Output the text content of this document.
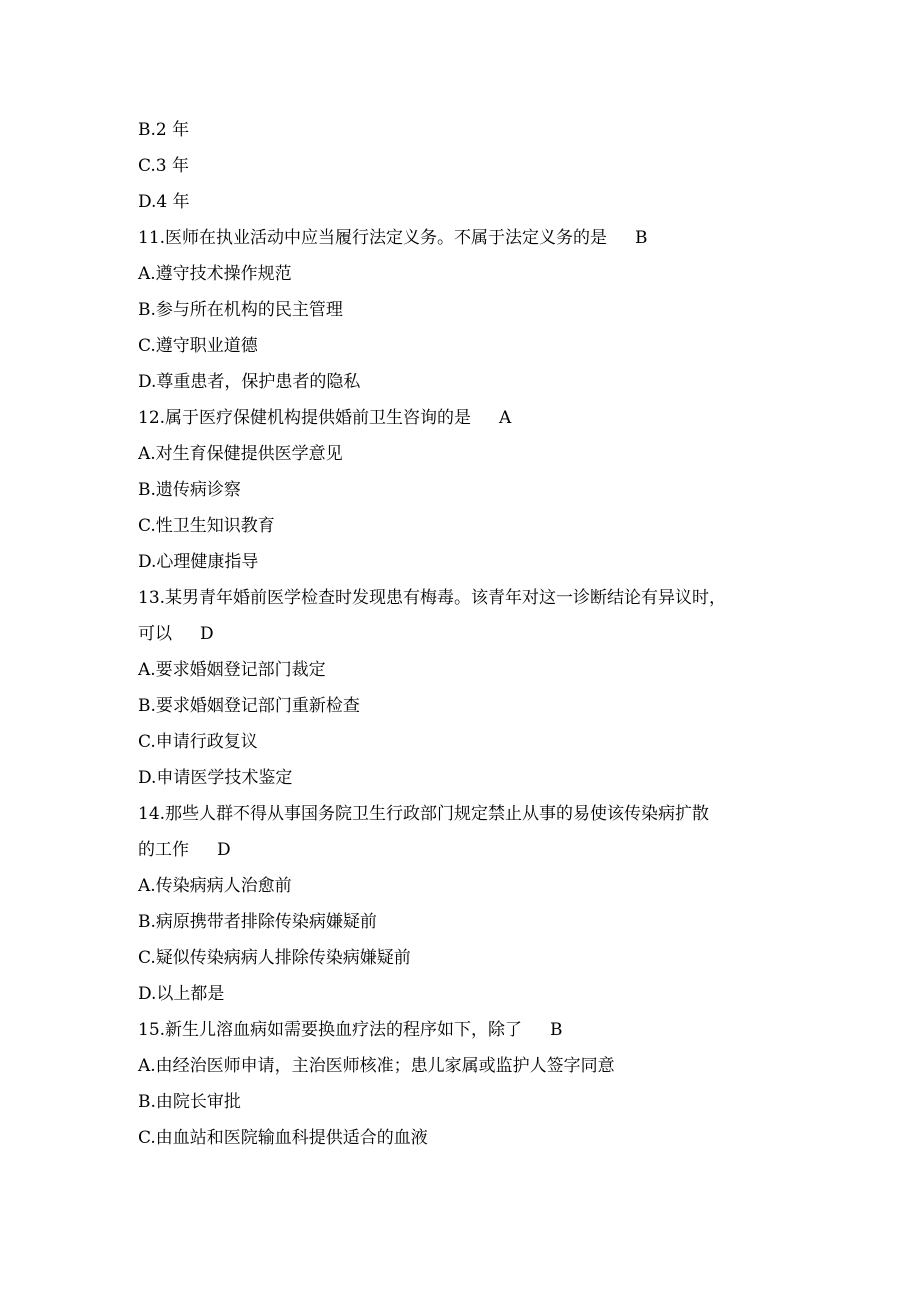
B.2 年
C.3 年
D.4 年
11.医师在执业活动中应当履行法定义务。不属于法定义务的是 B
A.遵守技术操作规范
B.参与所在机构的民主管理
C.遵守职业道德
D.尊重患者，保护患者的隐私
12.属于医疗保健机构提供婚前卫生咨询的是 A
A.对生育保健提供医学意见
B.遗传病诊察
C.性卫生知识教育
D.心理健康指导
13.某男青年婚前医学检查时发现患有梅毒。该青年对这一诊断结论有异议时，
可以 D
A.要求婚姻登记部门裁定
B.要求婚姻登记部门重新检查
C.申请行政复议
D.申请医学技术鉴定
14.那些人群不得从事国务院卫生行政部门规定禁止从事的易使该传染病扩散
的工作 D
A.传染病病人治愈前
B.病原携带者排除传染病嫌疑前
C.疑似传染病病人排除传染病嫌疑前
D.以上都是
15.新生儿溶血病如需要换血疗法的程序如下，除了 B
A.由经治医师申请，主治医师核准；患儿家属或监护人签字同意
B.由院长审批
C.由血站和医院输血科提供适合的血液
